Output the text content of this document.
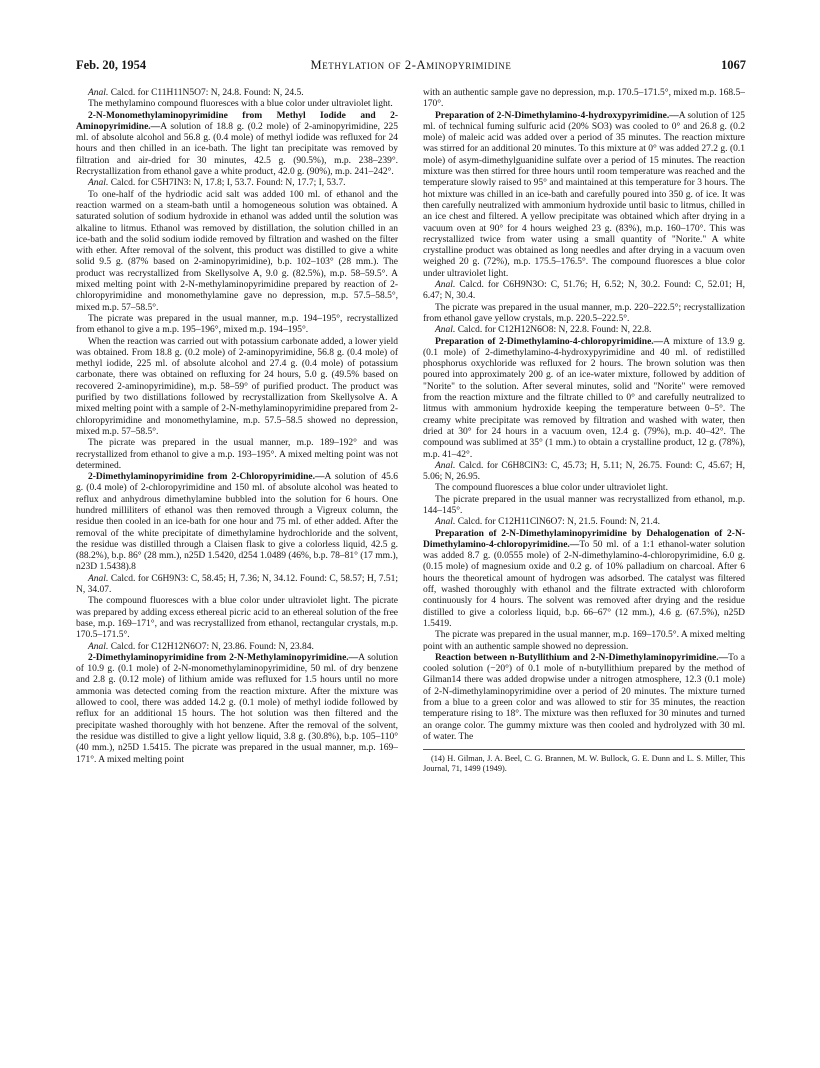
Feb. 20, 1954	Methylation of 2-Aminopyrimidine	1067

Anal. Calcd. for C11H11N5O7: N, 24.8. Found: N, 24.5.

The methylamino compound fluoresces with a blue color under ultraviolet light.

2-N-Monomethylaminopyrimidine from Methyl Iodide and 2-Aminopyrimidine.—A solution of 18.8 g. (0.2 mole) of 2-aminopyrimidine, 225 ml. of absolute alcohol and 56.8 g. (0.4 mole) of methyl iodide was refluxed for 24 hours and then chilled in an ice-bath. The light tan precipitate was removed by filtration and air-dried for 30 minutes, 42.5 g. (90.5%), m.p. 238–239°. Recrystallization from ethanol gave a white product, 42.0 g. (90%), m.p. 241–242°.

Anal. Calcd. for C5H7IN3: N, 17.8; I, 53.7. Found: N, 17.7; I, 53.7.

To one-half of the hydriodic acid salt was added 100 ml. of ethanol and the reaction warmed on a steam-bath until a homogeneous solution was obtained. A saturated solution of sodium hydroxide in ethanol was added until the solution was alkaline to litmus. Ethanol was removed by distillation, the solution chilled in an ice-bath and the solid sodium iodide removed by filtration and washed on the filter with ether. After removal of the solvent, this product was distilled to give a white solid 9.5 g. (87% based on 2-aminopyrimidine), b.p. 102–103° (28 mm.). The product was recrystallized from Skellysolve A, 9.0 g. (82.5%), m.p. 58–59.5°. A mixed melting point with 2-N-methylaminopyrimidine prepared by reaction of 2-chloropyrimidine and monomethylamine gave no depression, m.p. 57.5–58.5°, mixed m.p. 57–58.5°.

The picrate was prepared in the usual manner, m.p. 194–195°, recrystallized from ethanol to give a m.p. 195–196°, mixed m.p. 194–195°.

When the reaction was carried out with potassium carbonate added, a lower yield was obtained. From 18.8 g. (0.2 mole) of 2-aminopyrimidine, 56.8 g. (0.4 mole) of methyl iodide, 225 ml. of absolute alcohol and 27.4 g. (0.4 mole) of potassium carbonate, there was obtained on refluxing for 24 hours, 5.0 g. (49.5% based on recovered 2-aminopyrimidine), m.p. 58–59° of purified product. The product was purified by two distillations followed by recrystallization from Skellysolve A. A mixed melting point with a sample of 2-N-methylaminopyrimidine prepared from 2-chloropyrimidine and monomethylamine, m.p. 57.5–58.5 showed no depression, mixed m.p. 57–58.5°.

The picrate was prepared in the usual manner, m.p. 189–192° and was recrystallized from ethanol to give a m.p. 193–195°. A mixed melting point was not determined.

2-Dimethylaminopyrimidine from 2-Chloropyrimidine.—A solution of 45.6 g. (0.4 mole) of 2-chloropyrimidine and 150 ml. of absolute alcohol was heated to reflux and anhydrous dimethylamine bubbled into the solution for 6 hours. One hundred milliliters of ethanol was then removed through a Vigreux column, the residue then cooled in an ice-bath for one hour and 75 ml. of ether added. After the removal of the white precipitate of dimethylamine hydrochloride and the solvent, the residue was distilled through a Claisen flask to give a colorless liquid, 42.5 g. (88.2%), b.p. 86° (28 mm.), n25D 1.5420, d254 1.0489 (46%, b.p. 78–81° (17 mm.), n23D 1.5438).8

Anal. Calcd. for C6H9N3: C, 58.45; H, 7.36; N, 34.12. Found: C, 58.57; H, 7.51; N, 34.07.

The compound fluoresces with a blue color under ultraviolet light. The picrate was prepared by adding excess ethereal picric acid to an ethereal solution of the free base, m.p. 169–171°, and was recrystallized from ethanol, rectangular crystals, m.p. 170.5–171.5°.

Anal. Calcd. for C12H12N6O7: N, 23.86. Found: N, 23.84.

2-Dimethylaminopyrimidine from 2-N-Methylaminopyrimidine.—A solution of 10.9 g. (0.1 mole) of 2-N-monomethylaminopyrimidine, 50 ml. of dry benzene and 2.8 g. (0.12 mole) of lithium amide was refluxed for 1.5 hours until no more ammonia was detected coming from the reaction mixture. After the mixture was allowed to cool, there was added 14.2 g. (0.1 mole) of methyl iodide followed by reflux for an additional 15 hours. The hot solution was then filtered and the precipitate washed thoroughly with hot benzene. After the removal of the solvent, the residue was distilled to give a light yellow liquid, 3.8 g. (30.8%), b.p. 105–110° (40 mm.), n25D 1.5415. The picrate was prepared in the usual manner, m.p. 169–171°. A mixed melting point

with an authentic sample gave no depression, m.p. 170.5–171.5°, mixed m.p. 168.5–170°.

Preparation of 2-N-Dimethylamino-4-hydroxypyrimidine.—A solution of 125 ml. of technical fuming sulfuric acid (20% SO3) was cooled to 0° and 26.8 g. (0.2 mole) of maleic acid was added over a period of 35 minutes. The reaction mixture was stirred for an additional 20 minutes. To this mixture at 0° was added 27.2 g. (0.1 mole) of asym-dimethylguanidine sulfate over a period of 15 minutes. The reaction mixture was then stirred for three hours until room temperature was reached and the temperature slowly raised to 95° and maintained at this temperature for 3 hours. The hot mixture was chilled in an ice-bath and carefully poured into 350 g. of ice. It was then carefully neutralized with ammonium hydroxide until basic to litmus, chilled in an ice chest and filtered. A yellow precipitate was obtained which after drying in a vacuum oven at 90° for 4 hours weighed 23 g. (83%), m.p. 160–170°. This was recrystallized twice from water using a small quantity of "Norite." A white crystalline product was obtained as long needles and after drying in a vacuum oven weighed 20 g. (72%), m.p. 175.5–176.5°. The compound fluoresces a blue color under ultraviolet light.

Anal. Calcd. for C6H9N3O: C, 51.76; H, 6.52; N, 30.2. Found: C, 52.01; H, 6.47; N, 30.4.

The picrate was prepared in the usual manner, m.p. 220–222.5°; recrystallization from ethanol gave yellow crystals, m.p. 220.5–222.5°.

Anal. Calcd. for C12H12N6O8: N, 22.8. Found: N, 22.8.

Preparation of 2-Dimethylamino-4-chloropyrimidine.—A mixture of 13.9 g. (0.1 mole) of 2-dimethylamino-4-hydroxypyrimidine and 40 ml. of redistilled phosphorus oxychloride was refluxed for 2 hours. The brown solution was then poured into approximately 200 g. of an ice-water mixture, followed by addition of "Norite" to the solution. After several minutes, solid and "Norite" were removed from the reaction mixture and the filtrate chilled to 0° and carefully neutralized to litmus with ammonium hydroxide keeping the temperature between 0–5°. The creamy white precipitate was removed by filtration and washed with water, then dried at 30° for 24 hours in a vacuum oven, 12.4 g. (79%), m.p. 40–42°. The compound was sublimed at 35° (1 mm.) to obtain a crystalline product, 12 g. (78%), m.p. 41–42°.

Anal. Calcd. for C6H8ClN3: C, 45.73; H, 5.11; N, 26.75. Found: C, 45.67; H, 5.06; N, 26.95.

The compound fluoresces a blue color under ultraviolet light.

The picrate prepared in the usual manner was recrystallized from ethanol, m.p. 144–145°.

Anal. Calcd. for C12H11ClN6O7: N, 21.5. Found: N, 21.4.

Preparation of 2-N-Dimethylaminopyrimidine by Dehalogenation of 2-N-Dimethylamino-4-chloropyrimidine.—To 50 ml. of a 1:1 ethanol-water solution was added 8.7 g. (0.0555 mole) of 2-N-dimethylamino-4-chloropyrimidine, 6.0 g. (0.15 mole) of magnesium oxide and 0.2 g. of 10% palladium on charcoal. After 6 hours the theoretical amount of hydrogen was adsorbed. The catalyst was filtered off, washed thoroughly with ethanol and the filtrate extracted with chloroform continuously for 4 hours. The solvent was removed after drying and the residue distilled to give a colorless liquid, b.p. 66–67° (12 mm.), 4.6 g. (67.5%), n25D 1.5419.

The picrate was prepared in the usual manner, m.p. 169–170.5°. A mixed melting point with an authentic sample showed no depression.

Reaction between n-Butyllithium and 2-N-Dimethylaminopyrimidine.—To a cooled solution (−20°) of 0.1 mole of n-butyllithium prepared by the method of Gilman14 there was added dropwise under a nitrogen atmosphere, 12.3 (0.1 mole) of 2-N-dimethylaminopyrimidine over a period of 20 minutes. The mixture turned from a blue to a green color and was allowed to stir for 35 minutes, the reaction temperature rising to 18°. The mixture was then refluxed for 30 minutes and turned an orange color. The gummy mixture was then cooled and hydrolyzed with 30 ml. of water. The

(14) H. Gilman, J. A. Beel, C. G. Brannen, M. W. Bullock, G. E. Dunn and L. S. Miller, This Journal, 71, 1499 (1949).
